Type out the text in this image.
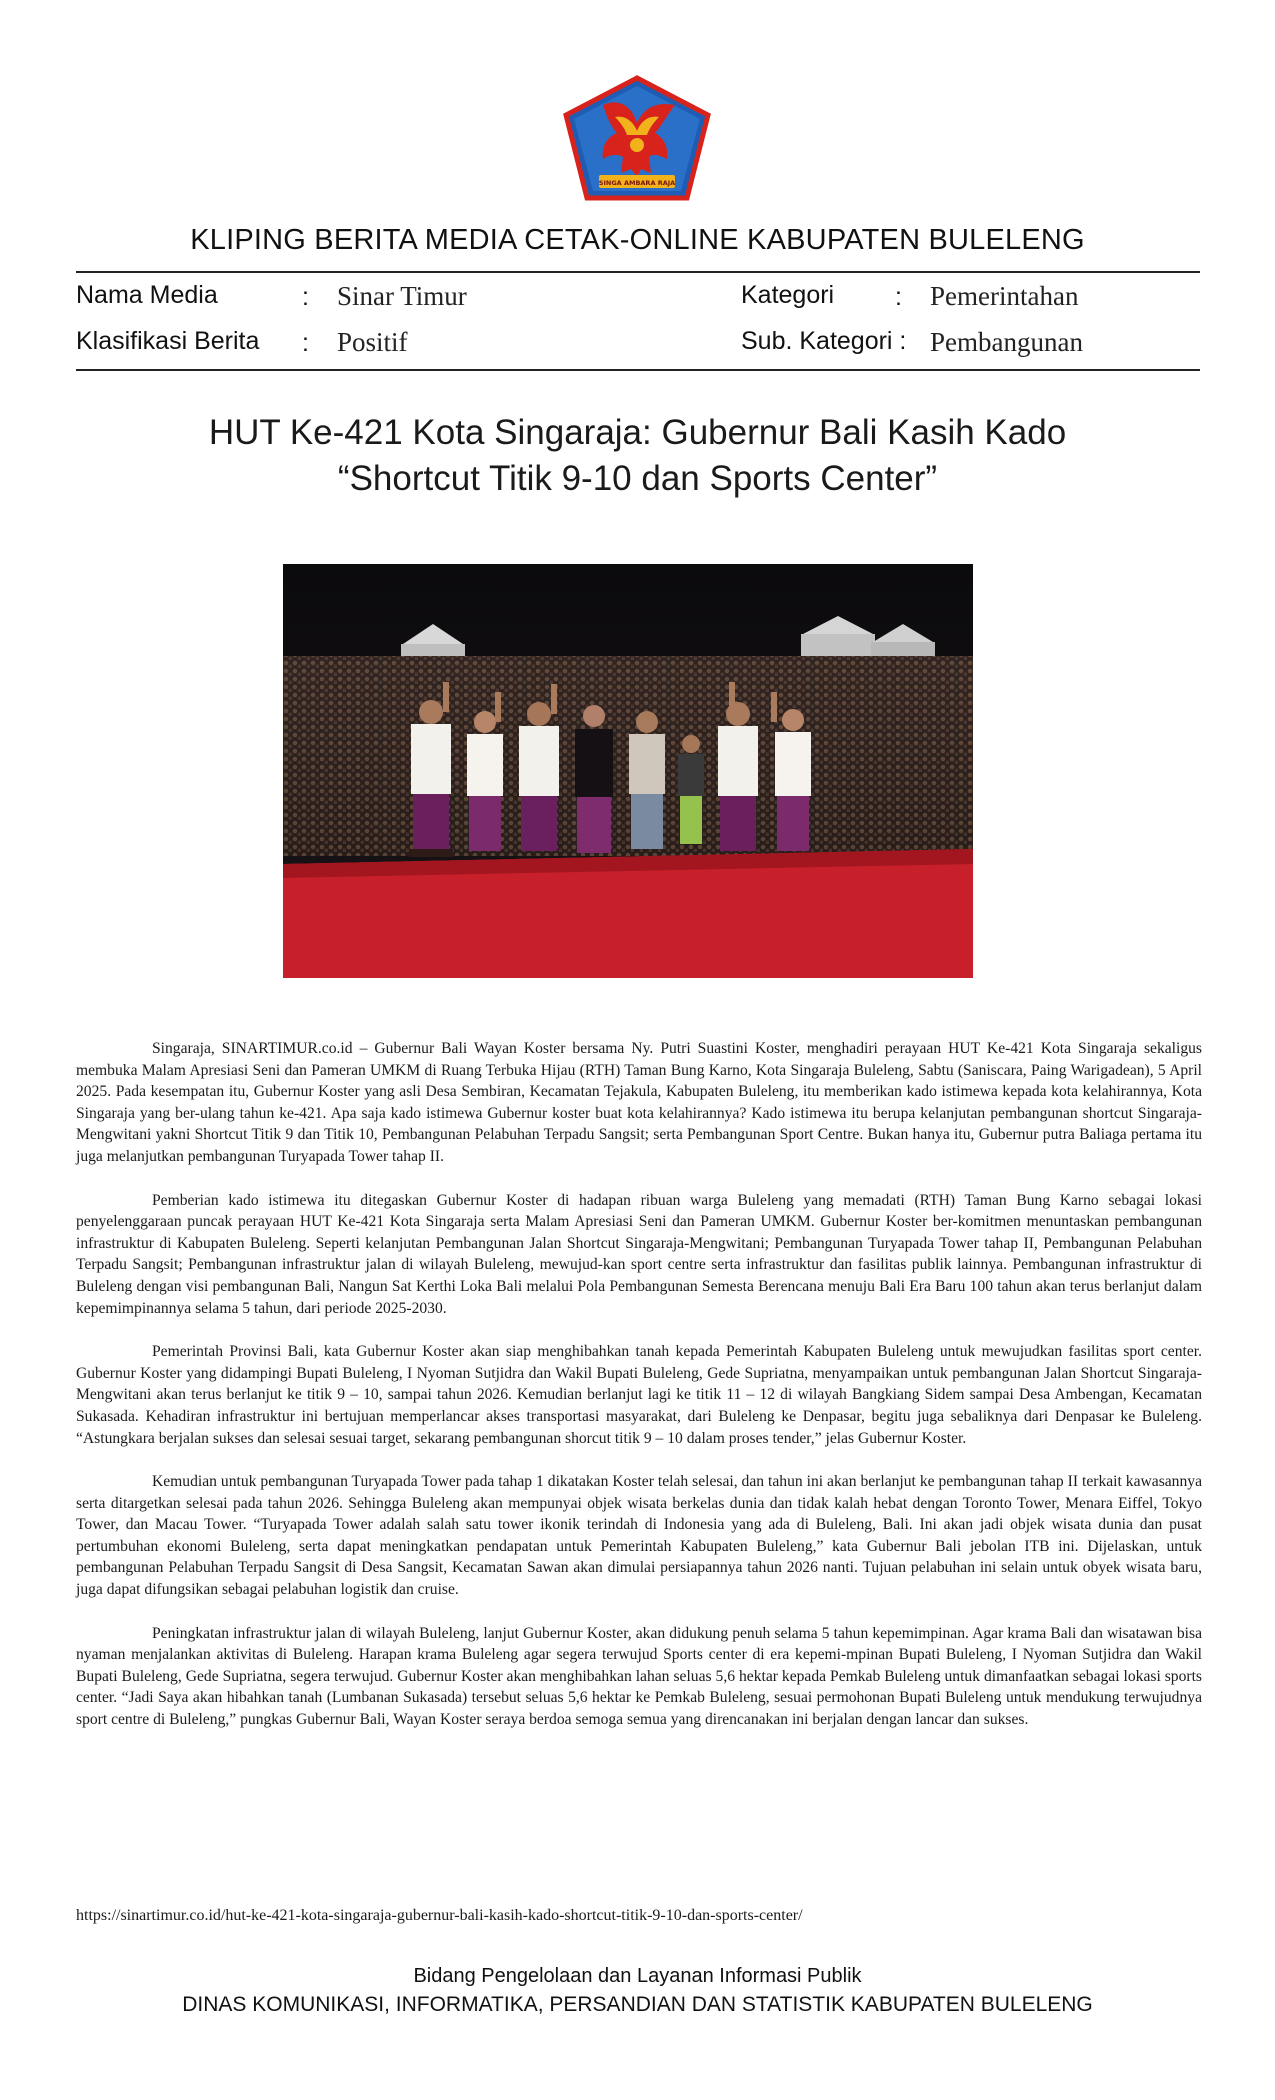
SINGA AMBARA RAJA
KLIPING BERITA MEDIA CETAK-ONLINE KABUPATEN BULELENG
Nama Media	: Sinar Timur	Kategori : Pemerintahan
Klasifikasi Berita : Positif	Sub. Kategori : Pembangunan
HUT Ke-421 Kota Singaraja: Gubernur Bali Kasih Kado
“Shortcut Titik 9-10 dan Sports Center”

Singaraja, SINARTIMUR.co.id – Gubernur Bali Wayan Koster bersama Ny. Putri Suastini Koster, menghadiri perayaan HUT Ke-421 Kota Singaraja sekaligus membuka Malam Apresiasi Seni dan Pameran UMKM di Ruang Terbuka Hijau (RTH) Taman Bung Karno, Kota Singaraja Buleleng, Sabtu (Saniscara, Paing Warigadean), 5 April 2025. Pada kesempatan itu, Gubernur Koster yang asli Desa Sembiran, Kecamatan Tejakula, Kabupaten Buleleng, itu memberikan kado istimewa kepada kota kelahirannya, Kota Singaraja yang ber-ulang tahun ke-421. Apa saja kado istimewa Gubernur koster buat kota kelahirannya? Kado istimewa itu berupa kelanjutan pembangunan shortcut Singaraja-Mengwitani yakni Shortcut Titik 9 dan Titik 10, Pembangunan Pelabuhan Terpadu Sangsit; serta Pembangunan Sport Centre. Bukan hanya itu, Gubernur putra Baliaga pertama itu juga melanjutkan pembangunan Turyapada Tower tahap II.

Pemberian kado istimewa itu ditegaskan Gubernur Koster di hadapan ribuan warga Buleleng yang memadati (RTH) Taman Bung Karno sebagai lokasi penyelenggaraan puncak perayaan HUT Ke-421 Kota Singaraja serta Malam Apresiasi Seni dan Pameran UMKM. Gubernur Koster ber-komitmen menuntaskan pembangunan infrastruktur di Kabupaten Buleleng. Seperti kelanjutan Pembangunan Jalan Shortcut Singaraja-Mengwitani; Pembangunan Turyapada Tower tahap II, Pembangunan Pelabuhan Terpadu Sangsit; Pembangunan infrastruktur jalan di wilayah Buleleng, mewujud-kan sport centre serta infrastruktur dan fasilitas publik lainnya. Pembangunan infrastruktur di Buleleng dengan visi pembangunan Bali, Nangun Sat Kerthi Loka Bali melalui Pola Pembangunan Semesta Berencana menuju Bali Era Baru 100 tahun akan terus berlanjut dalam kepemimpinannya selama 5 tahun, dari periode 2025-2030.

Pemerintah Provinsi Bali, kata Gubernur Koster akan siap menghibahkan tanah kepada Pemerintah Kabupaten Buleleng untuk mewujudkan fasilitas sport center. Gubernur Koster yang didampingi Bupati Buleleng, I Nyoman Sutjidra dan Wakil Bupati Buleleng, Gede Supriatna, menyampaikan untuk pembangunan Jalan Shortcut Singaraja-Mengwitani akan terus berlanjut ke titik 9 – 10, sampai tahun 2026. Kemudian berlanjut lagi ke titik 11 – 12 di wilayah Bangkiang Sidem sampai Desa Ambengan, Kecamatan Sukasada. Kehadiran infrastruktur ini bertujuan memperlancar akses transportasi masyarakat, dari Buleleng ke Denpasar, begitu juga sebaliknya dari Denpasar ke Buleleng. “Astungkara berjalan sukses dan selesai sesuai target, sekarang pembangunan shorcut titik 9 – 10 dalam proses tender,” jelas Gubernur Koster.

Kemudian untuk pembangunan Turyapada Tower pada tahap 1 dikatakan Koster telah selesai, dan tahun ini akan berlanjut ke pembangunan tahap II terkait kawasannya serta ditargetkan selesai pada tahun 2026. Sehingga Buleleng akan mempunyai objek wisata berkelas dunia dan tidak kalah hebat dengan Toronto Tower, Menara Eiffel, Tokyo Tower, dan Macau Tower. “Turyapada Tower adalah salah satu tower ikonik terindah di Indonesia yang ada di Buleleng, Bali. Ini akan jadi objek wisata dunia dan pusat pertumbuhan ekonomi Buleleng, serta dapat meningkatkan pendapatan untuk Pemerintah Kabupaten Buleleng,” kata Gubernur Bali jebolan ITB ini. Dijelaskan, untuk pembangunan Pelabuhan Terpadu Sangsit di Desa Sangsit, Kecamatan Sawan akan dimulai persiapannya tahun 2026 nanti. Tujuan pelabuhan ini selain untuk obyek wisata baru, juga dapat difungsikan sebagai pelabuhan logistik dan cruise.

Peningkatan infrastruktur jalan di wilayah Buleleng, lanjut Gubernur Koster, akan didukung penuh selama 5 tahun kepemimpinan. Agar krama Bali dan wisatawan bisa nyaman menjalankan aktivitas di Buleleng. Harapan krama Buleleng agar segera terwujud Sports center di era kepemi-mpinan Bupati Buleleng, I Nyoman Sutjidra dan Wakil Bupati Buleleng, Gede Supriatna, segera terwujud. Gubernur Koster akan menghibahkan lahan seluas 5,6 hektar kepada Pemkab Buleleng untuk dimanfaatkan sebagai lokasi sports center. “Jadi Saya akan hibahkan tanah (Lumbanan Sukasada) tersebut seluas 5,6 hektar ke Pemkab Buleleng, sesuai permohonan Bupati Buleleng untuk mendukung terwujudnya sport centre di Buleleng,” pungkas Gubernur Bali, Wayan Koster seraya berdoa semoga semua yang direncanakan ini berjalan dengan lancar dan sukses.

https://sinartimur.co.id/hut-ke-421-kota-singaraja-gubernur-bali-kasih-kado-shortcut-titik-9-10-dan-sports-center/
Bidang Pengelolaan dan Layanan Informasi Publik
DINAS KOMUNIKASI, INFORMATIKA, PERSANDIAN DAN STATISTIK KABUPATEN BULELENG
